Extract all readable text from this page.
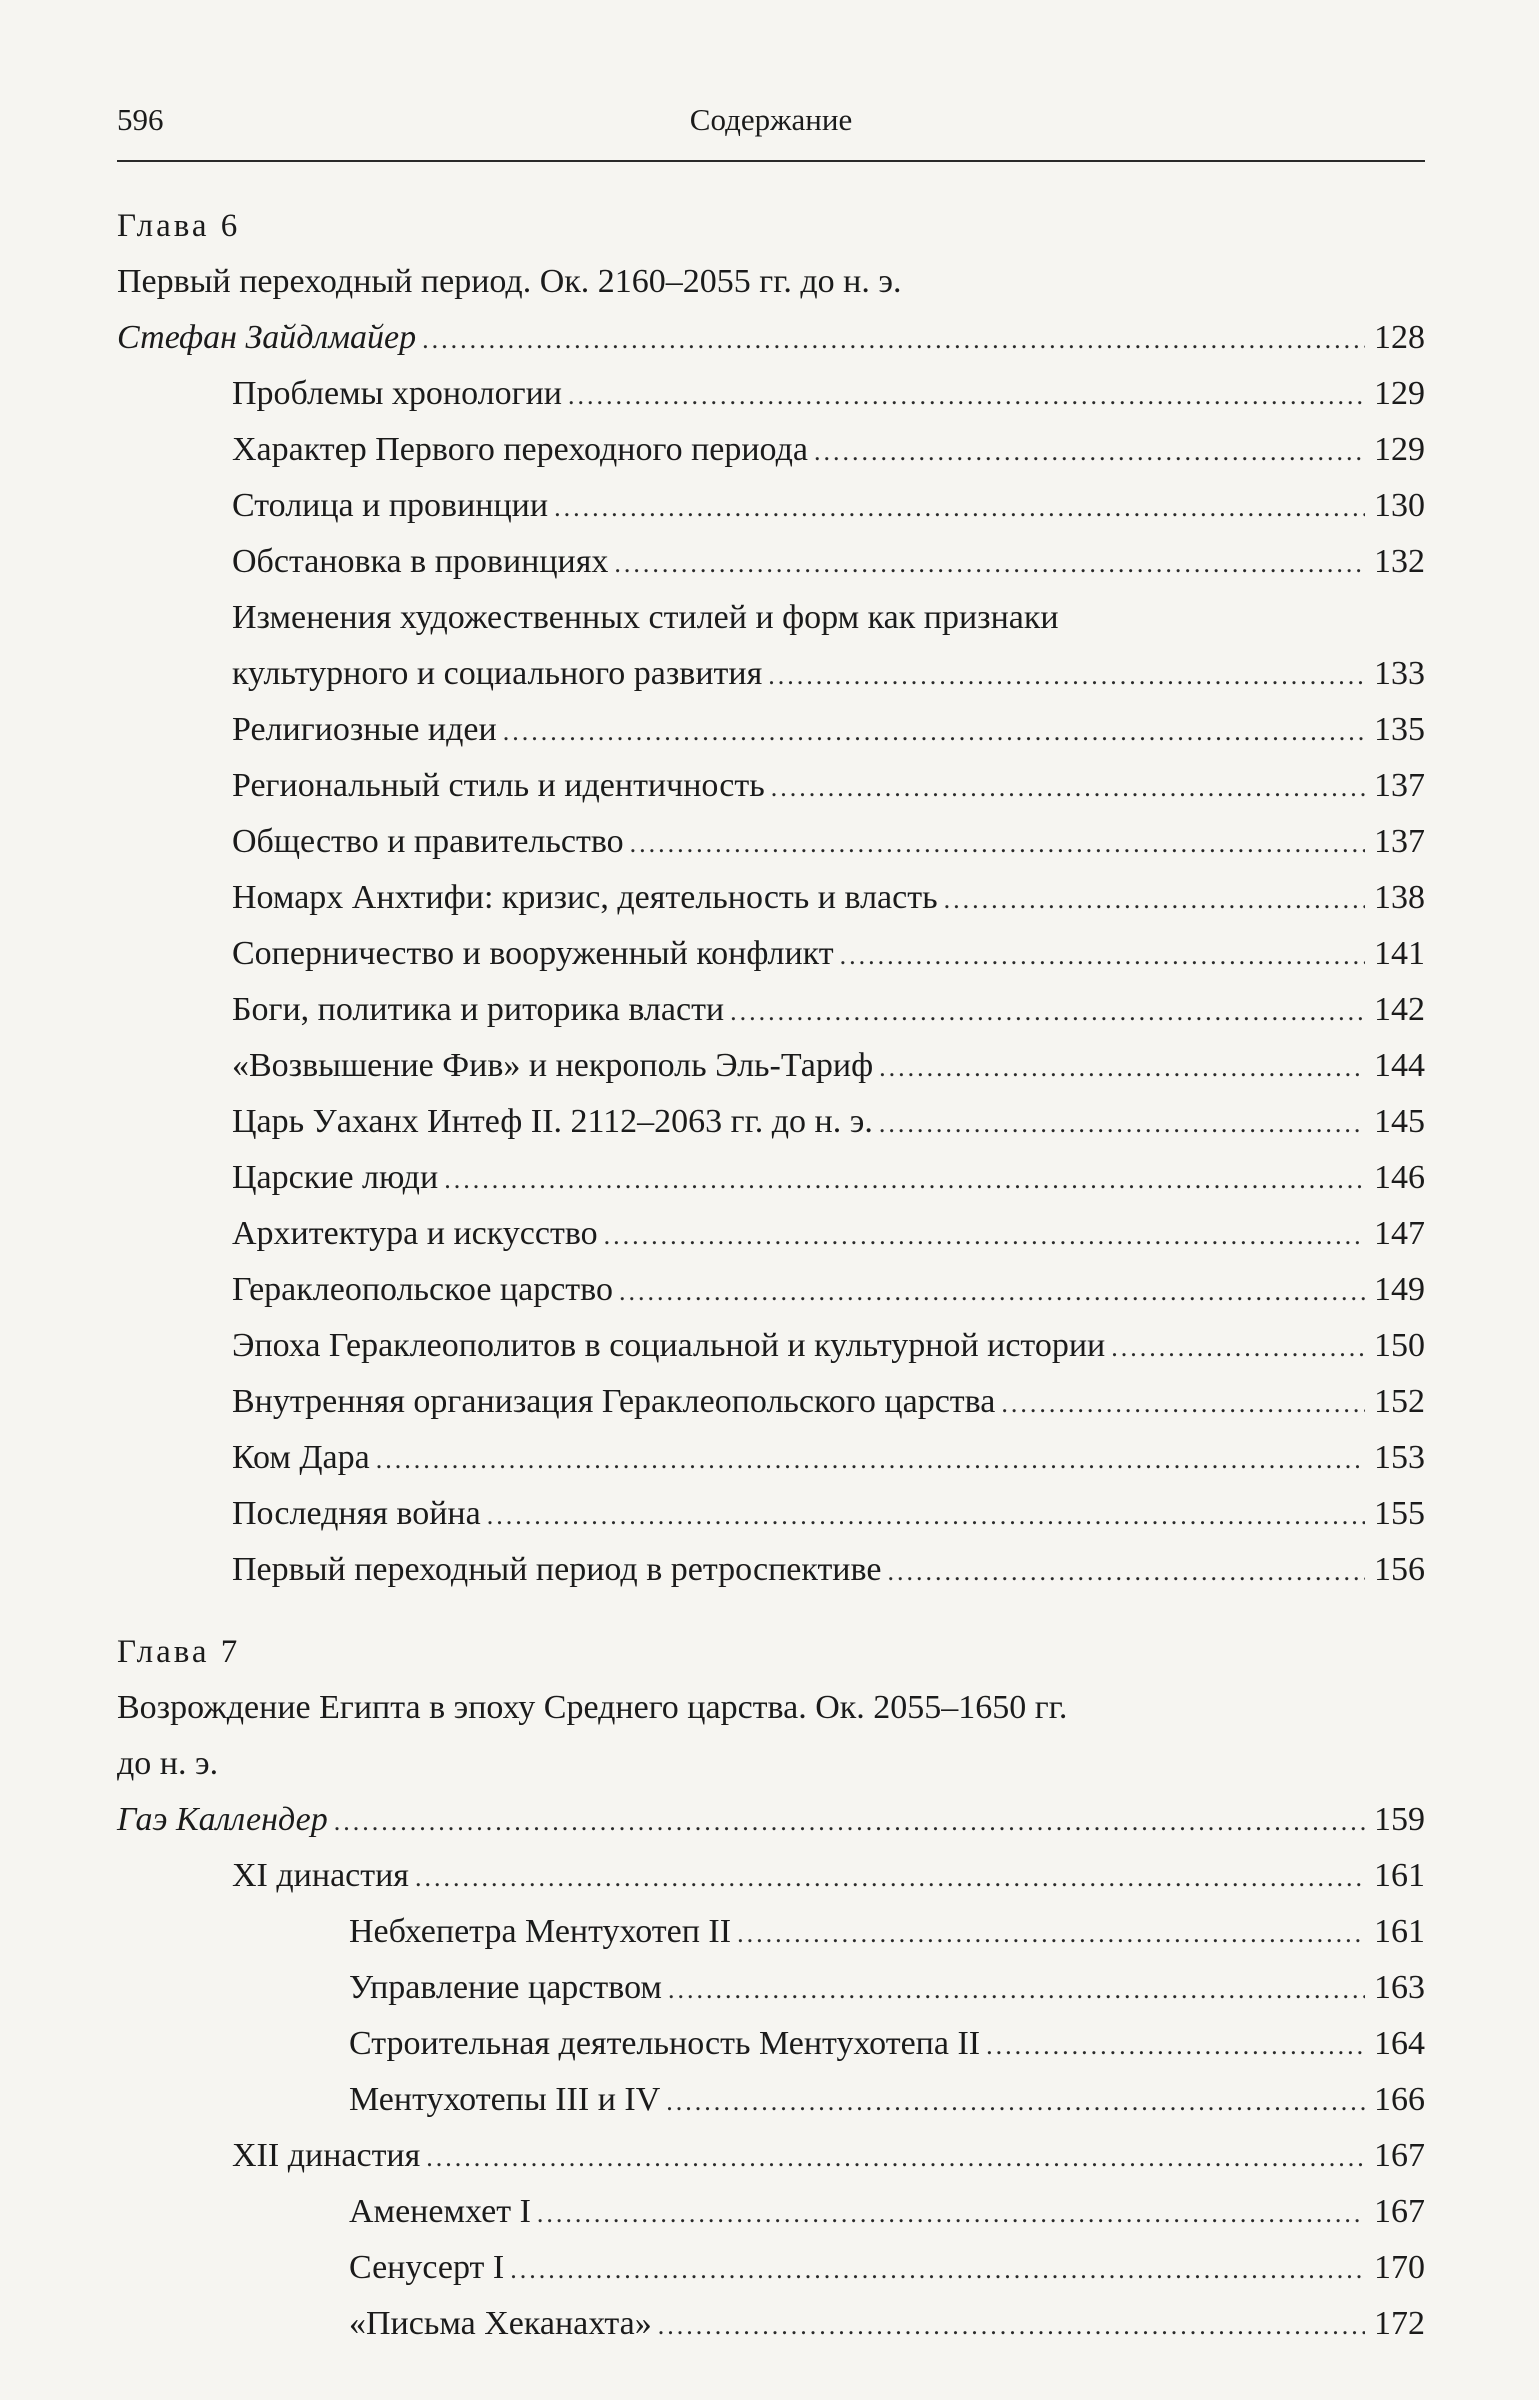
596	Содержание
Глава 6
Первый переходный период. Ок. 2160–2055 гг. до н. э.
Стефан Зайдлмайер .....	128
Проблемы хронологии .....	129
Характер Первого переходного периода .....	129
Столица и провинции .....	130
Обстановка в провинциях .....	132
Изменения художественных стилей и форм как признаки
культурного и социального развития .....	133
Религиозные идеи .....	135
Региональный стиль и идентичность .....	137
Общество и правительство .....	137
Номарх Анхтифи: кризис, деятельность и власть .....	138
Соперничество и вооруженный конфликт .....	141
Боги, политика и риторика власти .....	142
«Возвышение Фив» и некрополь Эль-Тариф .....	144
Царь Уаханх Интеф II. 2112–2063 гг. до н. э. .....	145
Царские люди .....	146
Архитектура и искусство .....	147
Гераклеопольское царство .....	149
Эпоха Гераклеополитов в социальной и культурной истории .....	150
Внутренняя организация Гераклеопольского царства .....	152
Ком Дара .....	153
Последняя война .....	155
Первый переходный период в ретроспективе .....	156
Глава 7
Возрождение Египта в эпоху Среднего царства. Ок. 2055–1650 гг.
до н. э.
Гаэ Каллендер .....	159
XI династия .....	161
Небхепетра Ментухотеп II .....	161
Управление царством .....	163
Строительная деятельность Ментухотепа II .....	164
Ментухотепы III и IV .....	166
XII династия .....	167
Аменемхет I .....	167
Сенусерт I .....	170
«Письма Хеканахта» .....	172
